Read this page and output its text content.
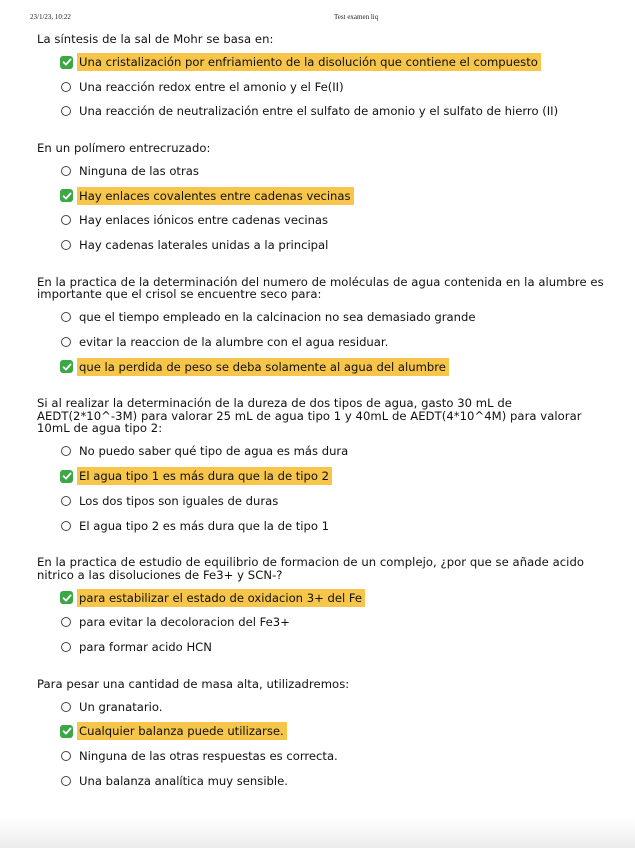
23/1/23, 10:22	Test examen liq
La síntesis de la sal de Mohr se basa en:
Una cristalización por enfriamiento de la disolución que contiene el compuesto
Una reacción redox entre el amonio y el Fe(II)
Una reacción de neutralización entre el sulfato de amonio y el sulfato de hierro (II)
En un polímero entrecruzado:
Ninguna de las otras
Hay enlaces covalentes entre cadenas vecinas
Hay enlaces iónicos entre cadenas vecinas
Hay cadenas laterales unidas a la principal
En la practica de la determinación del numero de moléculas de agua contenida en la alumbre es importante que el crisol se encuentre seco para:
que el tiempo empleado en la calcinacion no sea demasiado grande
evitar la reaccion de la alumbre con el agua residuar.
que la perdida de peso se deba solamente al agua del alumbre
Si al realizar la determinación de la dureza de dos tipos de agua, gasto 30 mL de AEDT(2*10^-3M) para valorar 25 mL de agua tipo 1 y 40mL de AEDT(4*10^4M) para valorar 10mL de agua tipo 2:
No puedo saber qué tipo de agua es más dura
El agua tipo 1 es más dura que la de tipo 2
Los dos tipos son iguales de duras
El agua tipo 2 es más dura que la de tipo 1
En la practica de estudio de equilibrio de formacion de un complejo, ¿por que se añade acido nitrico a las disoluciones de Fe3+ y SCN-?
para estabilizar el estado de oxidacion 3+ del Fe
para evitar la decoloracion del Fe3+
para formar acido HCN
Para pesar una cantidad de masa alta, utilizadremos:
Un granatario.
Cualquier balanza puede utilizarse.
Ninguna de las otras respuestas es correcta.
Una balanza analítica muy sensible.
